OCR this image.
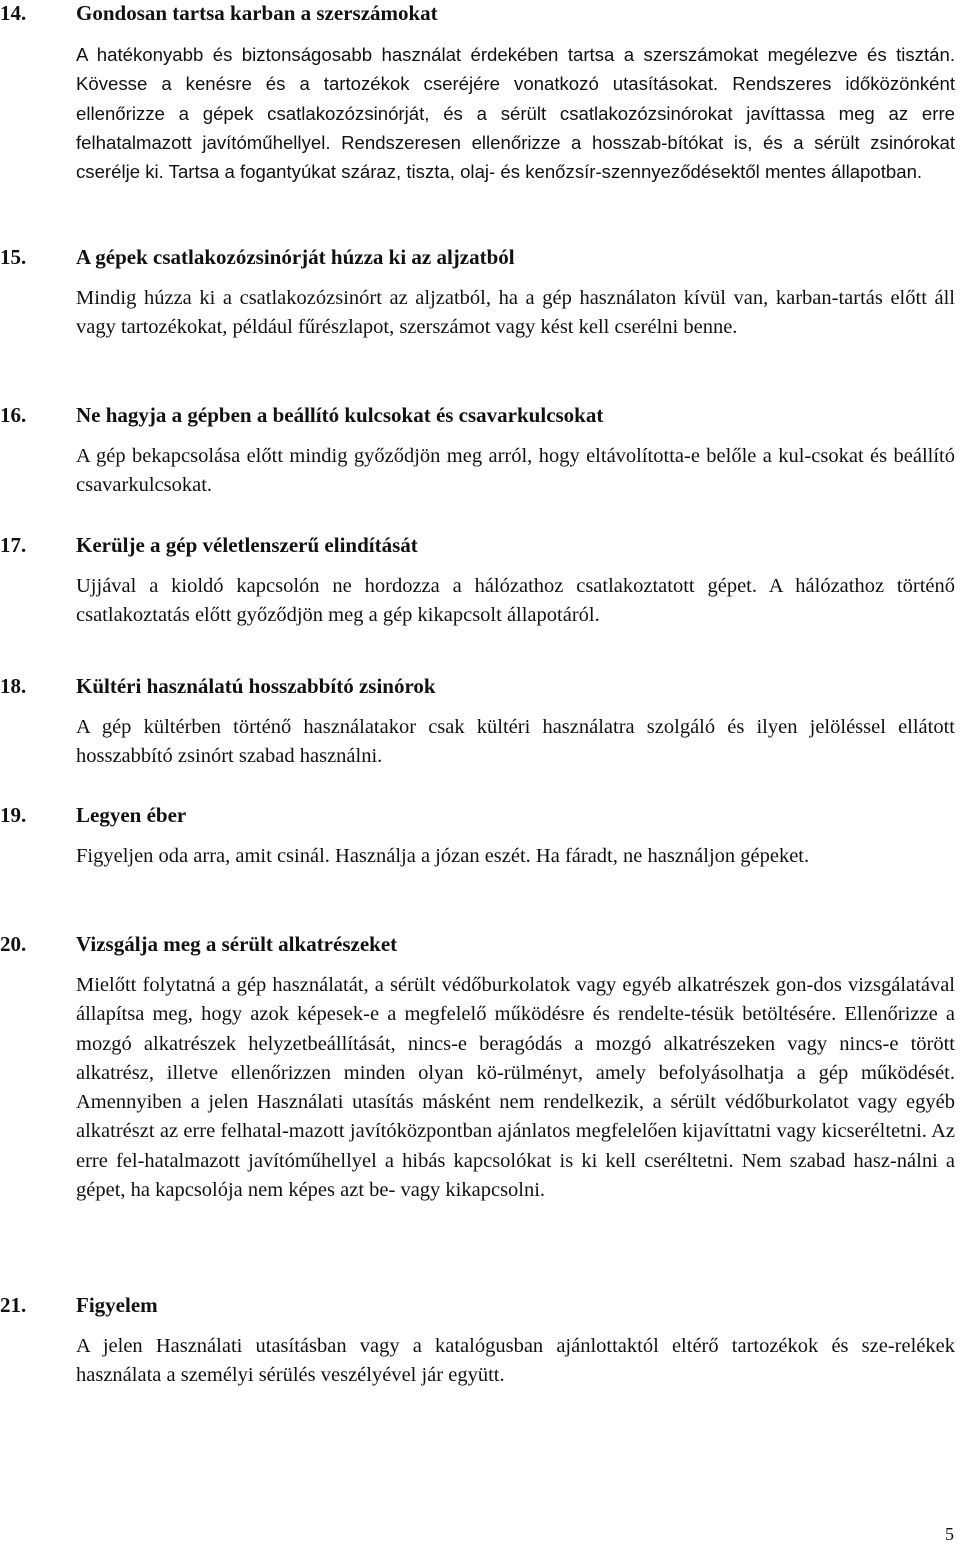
14. Gondosan tartsa karban a szerszámokat
A hatékonyabb és biztonságosabb használat érdekében tartsa a szerszámokat megélezve és tisztán. Kövesse a kenésre és a tartozékok cseréjére vonatkozó utasításokat. Rendszeres időközönként ellenőrizze a gépek csatlakozózsinórját, és a sérült csatlakozózsinórokat javíttassa meg az erre felhatalmazott javítóműhellyel. Rendszeresen ellenőrizze a hosszab-bítókat is, és a sérült zsinórokat cserélje ki. Tartsa a fogantyúkat száraz, tiszta, olaj- és kenőzsír-szennyeződésektől mentes állapotban.
15. A gépek csatlakozózsinórját húzza ki az aljzatból
Mindig húzza ki a csatlakozózsinórt az aljzatból, ha a gép használaton kívül van, karban-tartás előtt áll vagy tartozékokat, például fűrészlapot, szerszámot vagy kést kell cserélni benne.
16. Ne hagyja a gépben a beállító kulcsokat és csavarkulcsokat
A gép bekapcsolása előtt mindig győződjön meg arról, hogy eltávolította-e belőle a kul-csokat és beállító csavarkulcsokat.
17. Kerülje a gép véletlenszerű elindítását
Ujjával a kioldó kapcsolón ne hordozza a hálózathoz csatlakoztatott gépet. A hálózathoz történő csatlakoztatás előtt győződjön meg a gép kikapcsolt állapotáról.
18. Kültéri használatú hosszabbító zsinórok
A gép kültérben történő használatakor csak kültéri használatra szolgáló és ilyen jelöléssel ellátott hosszabbító zsinórt szabad használni.
19. Legyen éber
Figyeljen oda arra, amit csinál. Használja a józan eszét. Ha fáradt, ne használjon gépeket.
20. Vizsgálja meg a sérült alkatrészeket
Mielőtt folytatná a gép használatát, a sérült védőburkolatok vagy egyéb alkatrészek gon-dos vizsgálatával állapítsa meg, hogy azok képesek-e a megfelelő működésre és rendelte-tésük betöltésére. Ellenőrizze a mozgó alkatrészek helyzetbeállítását, nincs-e beragódás a mozgó alkatrészeken vagy nincs-e törött alkatrész, illetve ellenőrizzen minden olyan kö-rülményt, amely befolyásolhatja a gép működését. Amennyiben a jelen Használati utasítás másként nem rendelkezik, a sérült védőburkolatot vagy egyéb alkatrészt az erre felhatal-mazott javítóközpontban ajánlatos megfelelően kijavíttatni vagy kicseréltetni. Az erre fel-hatalmazott javítóműhellyel a hibás kapcsolókat is ki kell cseréltetni. Nem szabad hasz-nálni a gépet, ha kapcsolója nem képes azt be- vagy kikapcsolni.
21. Figyelem
A jelen Használati utasításban vagy a katalógusban ajánlottaktól eltérő tartozékok és sze-relékek használata a személyi sérülés veszélyével jár együtt.
5
